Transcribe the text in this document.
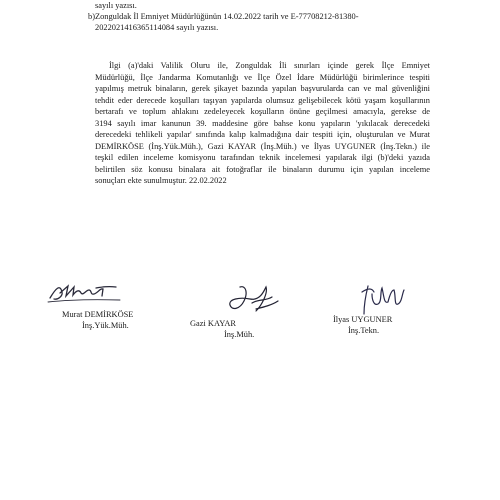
sayılı yazısı.
b)Zonguldak İl Emniyet Müdürlüğünün 14.02.2022 tarih ve E-77708212-81380-
2022021416365114084 sayılı yazısı.
İlgi (a)'daki Valilik Oluru ile, Zonguldak İli sınırları içinde gerek İlçe Emniyet
Müdürlüğü, İlçe Jandarma Komutanlığı ve İlçe Özel İdare Müdürlüğü birimlerince tespiti
yapılmış metruk binaların, gerek şikayet bazında yapılan başvurularda can ve mal güvenliğini
tehdit eder derecede koşulları taşıyan yapılarda olumsuz gelişebilecek kötü yaşam koşullarının
bertarafı ve toplum ahlakını zedeleyecek koşulların önüne geçilmesi amacıyla, gerekse de
3194 sayılı imar kanunun 39. maddesine göre bahse konu yapıların 'yıkılacak derecedeki
derecedeki tehlikeli yapılar' sınıfında kalıp kalmadığına dair tespiti için, oluşturulan ve Murat
DEMİRKÖSE (İnş.Yük.Müh.), Gazi KAYAR (İnş.Müh.) ve İlyas UYGUNER (İnş.Tekn.) ile
teşkil edilen inceleme komisyonu tarafından teknik incelemesi yapılarak ilgi (b)'deki yazıda
belirtilen söz konusu binalara ait fotoğraflar ile binaların durumu için yapılan inceleme
sonuçları ekte sunulmuştur. 22.02.2022
Murat DEMİRKÖSE
İnş.Yük.Müh.	Gazi KAYAR
İnş.Müh.
İlyas UYGUNER
İnş.Tekn.
